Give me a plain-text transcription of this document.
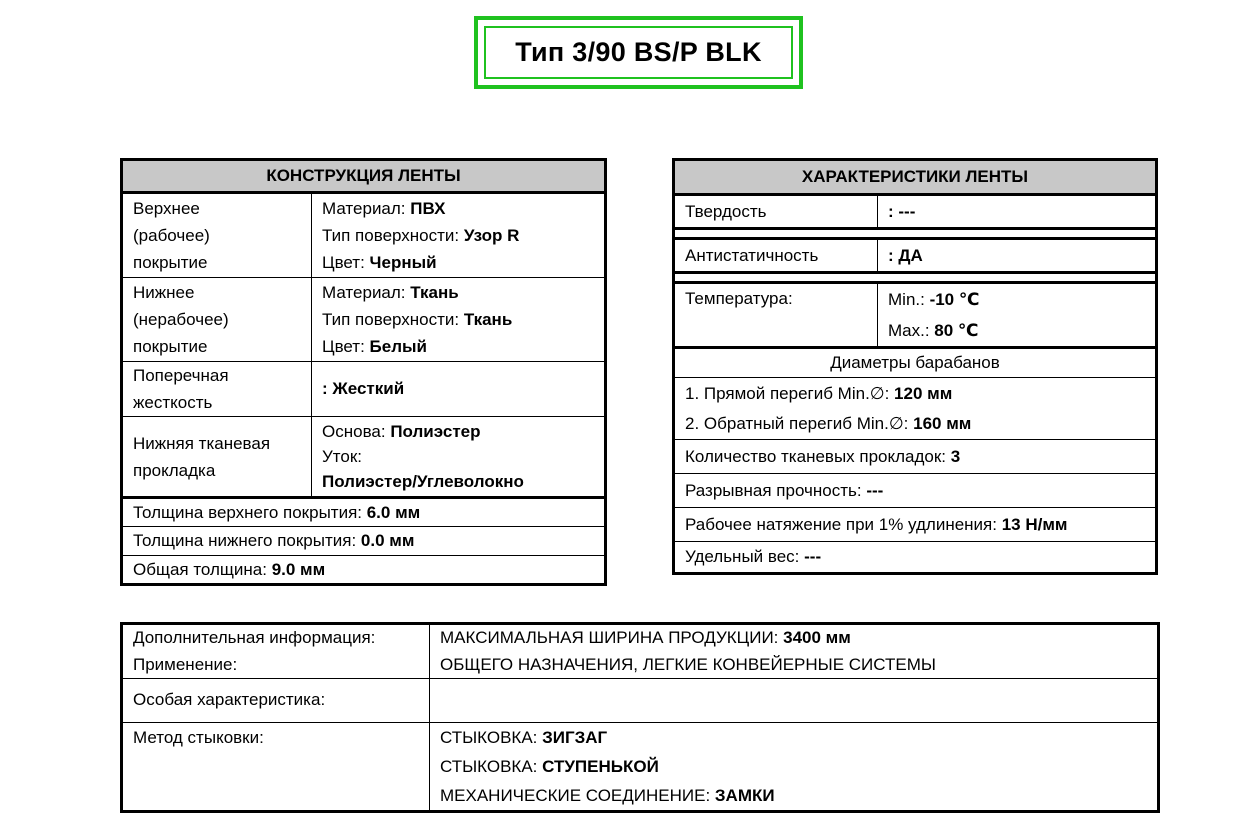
Тип 3/90 BS/P BLK
КОНСТРУКЦИЯ ЛЕНТЫ	

Верхнее
(рабочее)
покрытие	Материал: ПВХ
Тип поверхности: Узор R
Цвет: Черный

Нижнее
(нерабочее)
покрытие	Материал: Ткань
Тип поверхности: Ткань
Цвет: Белый

Поперечная
жесткость	: Жесткий

Нижняя тканевая
прокладка	Основа: Полиэстер
Уток:
Полиэстер/Углеволокно

Толщина верхнего покрытия: 6.0 мм	
Толщина нижнего покрытия: 0.0 мм	
Общая толщина: 9.0 мм	
ХАРАКТЕРИСТИКИ ЛЕНТЫ	
Твердость	: ---

Антистатичность	: ДА

Температура:	Min.: -10 ℃
Max.: 80 ℃

Диаметры барабанов	

1. Прямой перегиб Min.∅: 120 мм
2. Обратный перегиб Min.∅: 160 мм	

Количество тканевых прокладок: 3	
Разрывная прочность: ---	
Рабочее натяжение при 1% удлинения: 13 Н/мм	
Удельный вес: ---	
Дополнительная информация:	МАКСИМАЛЬНАЯ ШИРИНА ПРОДУКЦИИ: 3400 мм
Применение:	ОБЩЕГО НАЗНАЧЕНИЯ, ЛЕГКИЕ КОНВЕЙЕРНЫЕ СИСТЕМЫ
Особая характеристика:	
Метод стыковки:	СТЫКОВКА: ЗИГЗАГ
СТЫКОВКА: СТУПЕНЬКОЙ
МЕХАНИЧЕСКИЕ СОЕДИНЕНИЕ: ЗАМКИ
